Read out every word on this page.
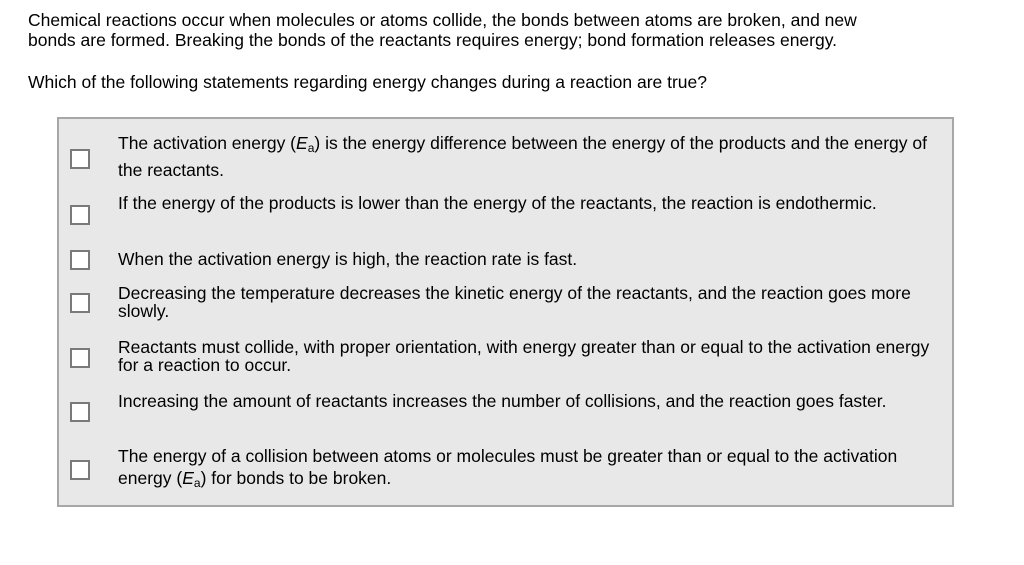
Chemical reactions occur when molecules or atoms collide, the bonds between atoms are broken, and new
bonds are formed. Breaking the bonds of the reactants requires energy; bond formation releases energy.

Which of the following statements regarding energy changes during a reaction are true?

The activation energy (Ea) is the energy difference between the energy of the products and the energy of the reactants.
If the energy of the products is lower than the energy of the reactants, the reaction is endothermic.
When the activation energy is high, the reaction rate is fast.
Decreasing the temperature decreases the kinetic energy of the reactants, and the reaction goes more slowly.
Reactants must collide, with proper orientation, with energy greater than or equal to the activation energy for a reaction to occur.
Increasing the amount of reactants increases the number of collisions, and the reaction goes faster.
The energy of a collision between atoms or molecules must be greater than or equal to the activation energy (Ea) for bonds to be broken.
